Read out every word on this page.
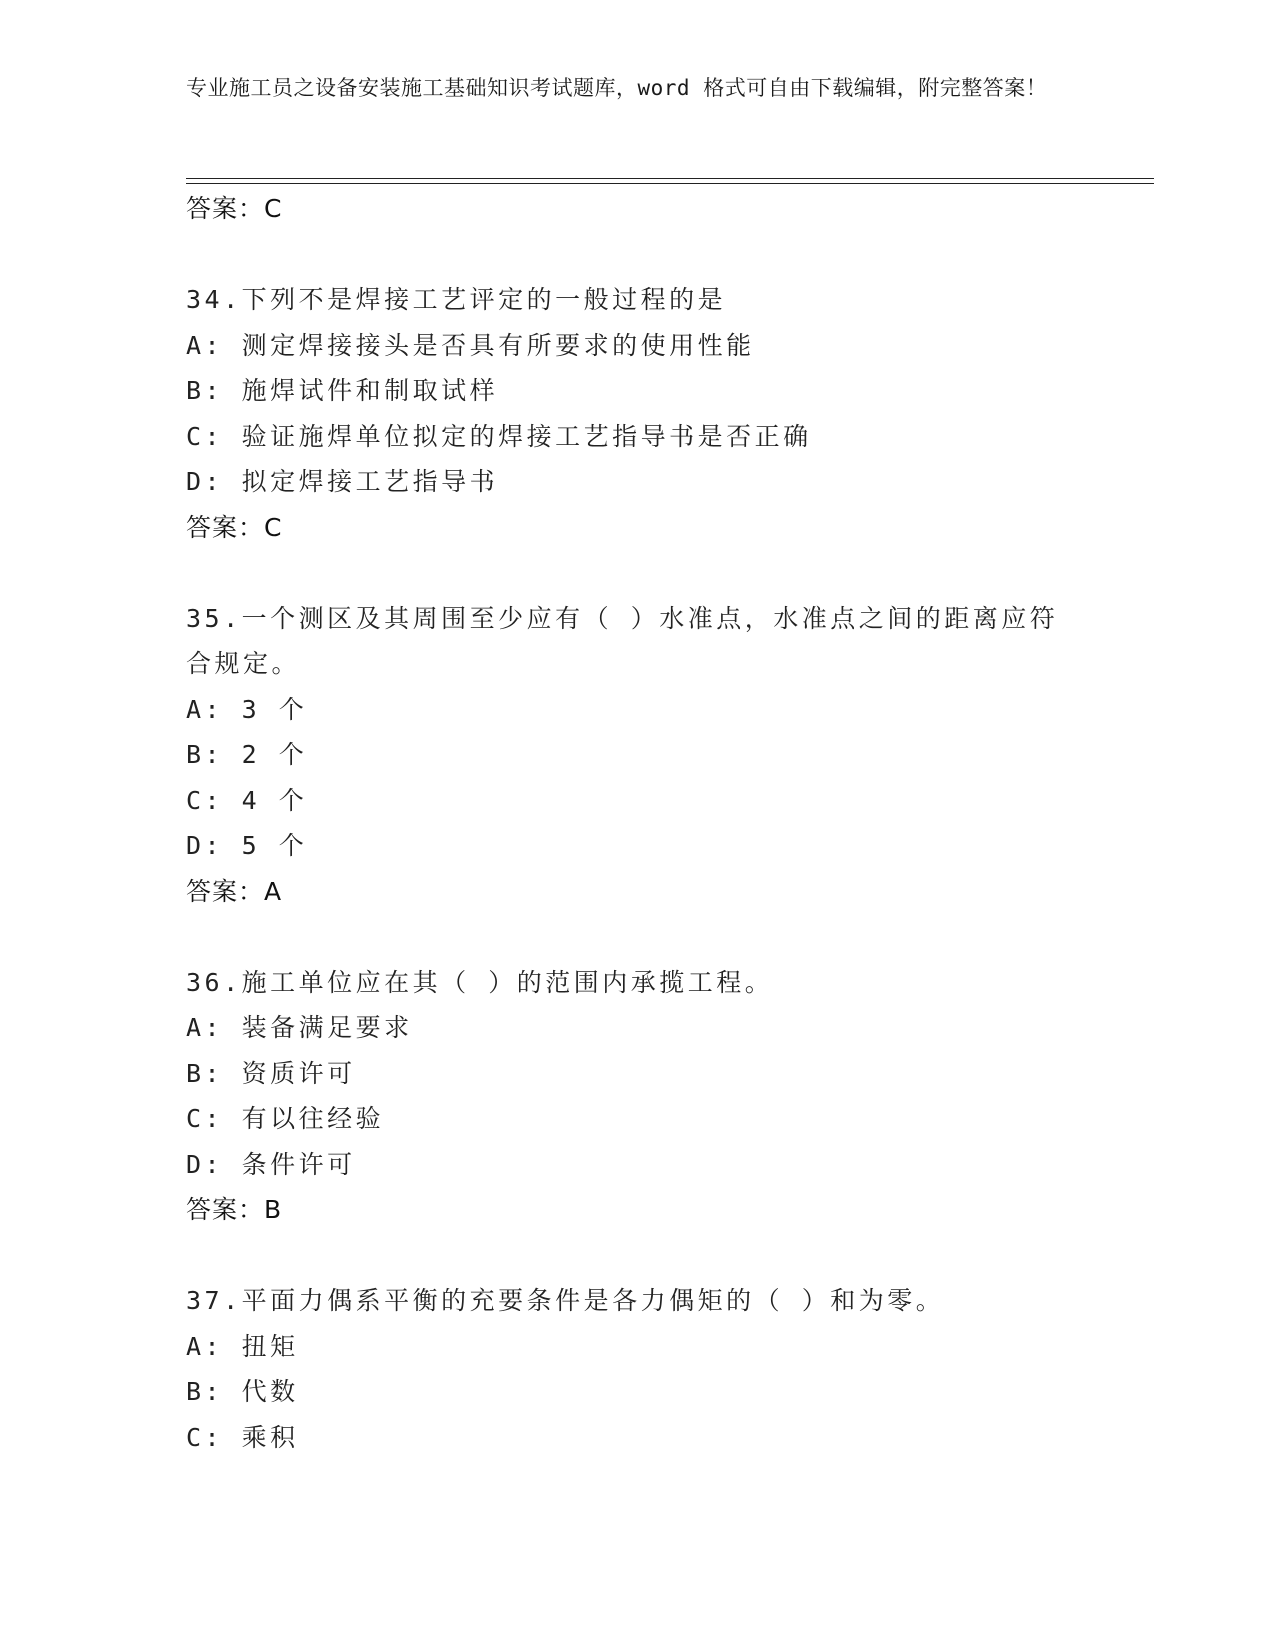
专业施工员之设备安装施工基础知识考试题库，word 格式可自由下载编辑，附完整答案！

答案：C

34.下列不是焊接工艺评定的一般过程的是

A: 测定焊接接头是否具有所要求的使用性能

B: 施焊试件和制取试样

C: 验证施焊单位拟定的焊接工艺指导书是否正确

D: 拟定焊接工艺指导书

答案：C

35.一个测区及其周围至少应有（ ）水准点，水准点之间的距离应符合规定。

A: 3 个

B: 2 个

C: 4 个

D: 5 个

答案：A

36.施工单位应在其（ ）的范围内承揽工程。

A: 装备满足要求

B: 资质许可

C: 有以往经验

D: 条件许可

答案：B

37.平面力偶系平衡的充要条件是各力偶矩的（ ）和为零。

A: 扭矩

B: 代数

C: 乘积
